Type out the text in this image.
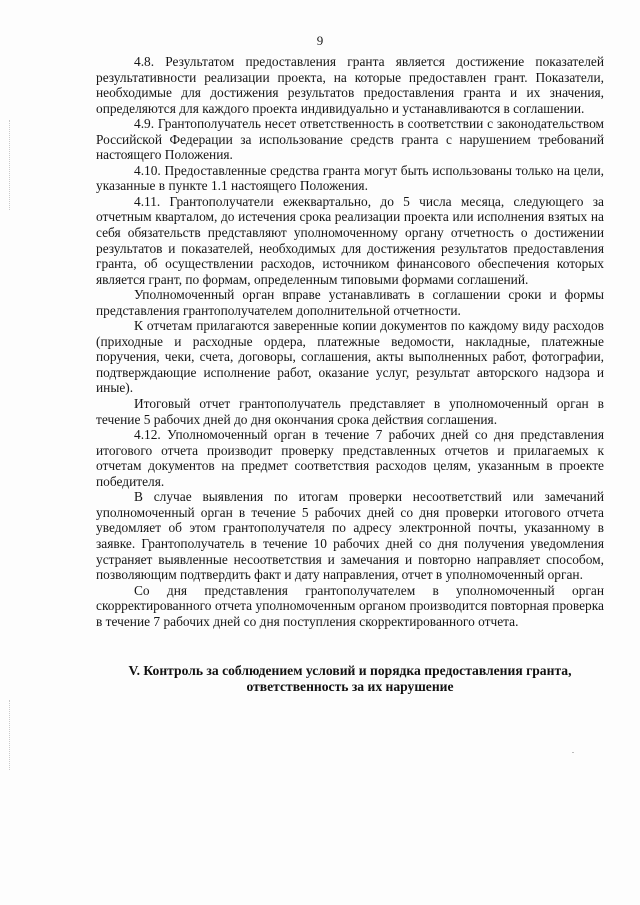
9

4.8. Результатом предоставления гранта является достижение показателей результативности реализации проекта, на которые предоставлен грант. Показатели, необходимые для достижения результатов предоставления гранта и их значения, определяются для каждого проекта индивидуально и устанавливаются в соглашении.

4.9. Грантополучатель несет ответственность в соответствии с законодательством Российской Федерации за использование средств гранта с нарушением требований настоящего Положения.

4.10. Предоставленные средства гранта могут быть использованы только на цели, указанные в пункте 1.1 настоящего Положения.

4.11. Грантополучатели ежеквартально, до 5 числа месяца, следующего за отчетным кварталом, до истечения срока реализации проекта или исполнения взятых на себя обязательств представляют уполномоченному органу отчетность о достижении результатов и показателей, необходимых для достижения результатов предоставления гранта, об осуществлении расходов, источником финансового обеспечения которых является грант, по формам, определенным типовыми формами соглашений.

Уполномоченный орган вправе устанавливать в соглашении сроки и формы представления грантополучателем дополнительной отчетности.

К отчетам прилагаются заверенные копии документов по каждому виду расходов (приходные и расходные ордера, платежные ведомости, накладные, платежные поручения, чеки, счета, договоры, соглашения, акты выполненных работ, фотографии, подтверждающие исполнение работ, оказание услуг, результат авторского надзора и иные).

Итоговый отчет грантополучатель представляет в уполномоченный орган в течение 5 рабочих дней до дня окончания срока действия соглашения.

4.12. Уполномоченный орган в течение 7 рабочих дней со дня представления итогового отчета производит проверку представленных отчетов и прилагаемых к отчетам документов на предмет соответствия расходов целям, указанным в проекте победителя.

В случае выявления по итогам проверки несоответствий или замечаний уполномоченный орган в течение 5 рабочих дней со дня проверки итогового отчета уведомляет об этом грантополучателя по адресу электронной почты, указанному в заявке. Грантополучатель в течение 10 рабочих дней со дня получения уведомления устраняет выявленные несоответствия и замечания и повторно направляет способом, позволяющим подтвердить факт и дату направления, отчет в уполномоченный орган.

Со дня представления грантополучателем в уполномоченный орган скорректированного отчета уполномоченным органом производится повторная проверка в течение 7 рабочих дней со дня поступления скорректированного отчета.

V. Контроль за соблюдением условий и порядка предоставления гранта,
ответственность за их нарушение
